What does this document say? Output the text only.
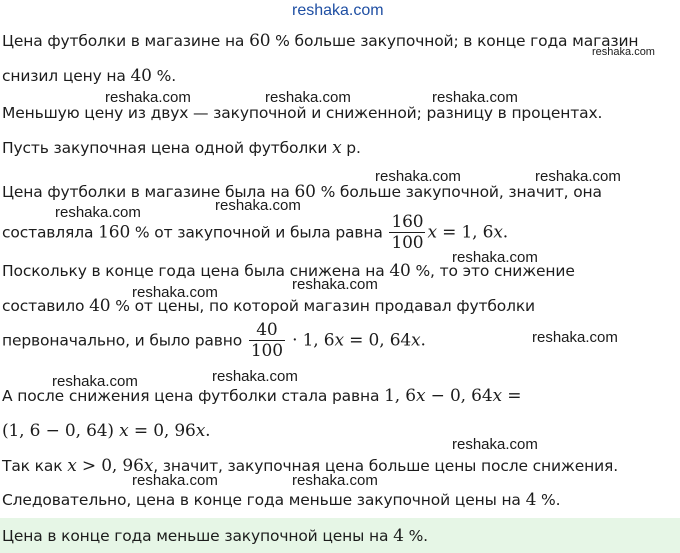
reshaka.com
Цена футболки в магазине на 60 % больше закупочной; в конце года магазин
reshaka.com
снизил цену на 40 %.
reshaka.com	reshaka.com	reshaka.com
Меньшую цену из двух — закупочной и сниженной; разницу в процентах.
Пусть закупочная цена одной футболки x р.
reshaka.com	reshaka.com
Цена футболки в магазине была на 60 % больше закупочной, значит, она
reshaka.com	reshaka.com
составляла 160 % от закупочной и была равна $\frac{160}{100}$ x = 1, 6x.
reshaka.com
Поскольку в конце года цена была снижена на 40 %, то это снижение
reshaka.com	reshaka.com
составило 40 % от цены, по которой магазин продавал футболки
первоначально, и было равно $\frac{40}{100} \cdot 1$, 6x = 0, 64x.	reshaka.com
reshaka.com	reshaka.com
А после снижения цена футболки стала равна 1, 6x − 0, 64x =
(1, 6 − 0, 64) x = 0, 96x.
reshaka.com
Так как x > 0, 96x, значит, закупочная цена больше цены после снижения.
reshaka.com	reshaka.com
Следовательно, цена в конце года меньше закупочной цены на 4 %.
Цена в конце года меньше закупочной цены на 4 %.
